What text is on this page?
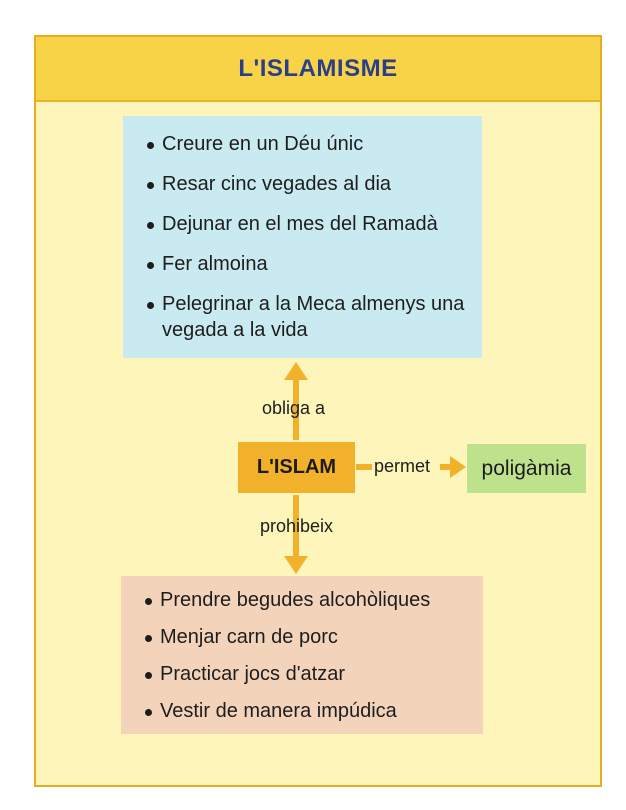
L'ISLAMISME
Creure en un Déu únic
Resar cinc vegades al dia
Dejunar en el mes del Ramadà
Fer almoina
Pelegrinar a la Meca almenys una vegada a la vida
obliga a
L'ISLAM	permet	poligàmia
prohibeix
Prendre begudes alcohòliques
Menjar carn de porc
Practicar jocs d'atzar
Vestir de manera impúdica
